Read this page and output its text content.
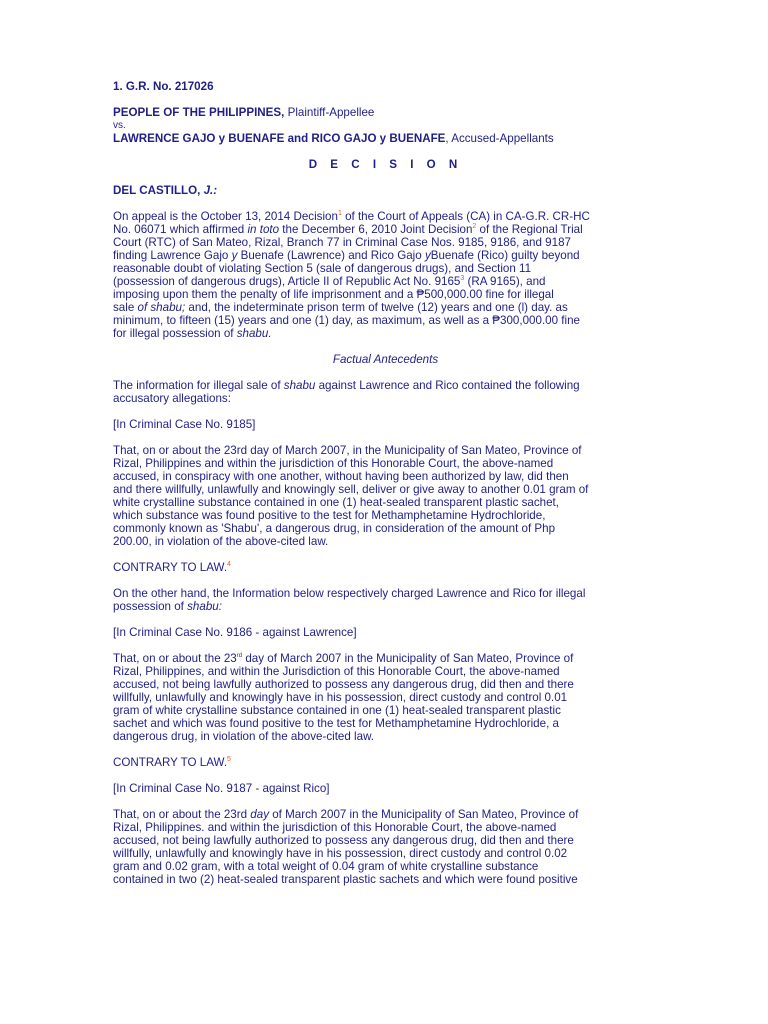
1. G.R. No. 217026

PEOPLE OF THE PHILIPPINES, Plaintiff-Appellee

vs.

LAWRENCE GAJO y BUENAFE and RICO GAJO y BUENAFE, Accused-Appellants

D E C I S I O N

DEL CASTILLO, J.:

On appeal is the October 13, 2014 Decision$^1$ of the Court of Appeals (CA) in CA-G.R. CR-HC
No. 06071 which affirmed in toto the December 6, 2010 Joint Decision$^2$ of the Regional Trial
Court (RTC) of San Mateo, Rizal, Branch 77 in Criminal Case Nos. 9185, 9186, and 9187
finding Lawrence Gajo y Buenafe (Lawrence) and Rico Gajo yBuenafe (Rico) guilty beyond
reasonable doubt of violating Section 5 (sale of dangerous drugs), and Section 11
(possession of dangerous drugs), Article II of Republic Act No. 9165$^3$ (RA 9165), and
imposing upon them the penalty of life imprisonment and a ₱500,000.00 fine for illegal
sale of shabu; and, the indeterminate prison term of twelve (12) years and one (l) day. as
minimum, to fifteen (15) years and one (1) day, as maximum, as well as a ₱300,000.00 fine
for illegal possession of shabu.

Factual Antecedents

The information for illegal sale of shabu against Lawrence and Rico contained the following
accusatory allegations:

[In Criminal Case No. 9185]

That, on or about the 23rd day of March 2007, in the Municipality of San Mateo, Province of
Rizal, Philippines and within the jurisdiction of this Honorable Court, the above-named
accused, in conspiracy with one another, without having been authorized by law, did then
and there willfully, unlawfully and knowingly sell, deliver or give away to another 0.01 gram of
white crystalline substance contained in one (1) heat-sealed transparent plastic sachet,
which substance was found positive to the test for Methamphetamine Hydrochloride,
commonly known as 'Shabu', a dangerous drug, in consideration of the amount of Php
200.00, in violation of the above-cited law.

CONTRARY TO LAW.$^4$

On the other hand, the Information below respectively charged Lawrence and Rico for illegal
possession of shabu:

[In Criminal Case No. 9186 - against Lawrence]

That, on or about the 23rd day of March 2007 in the Municipality of San Mateo, Province of
Rizal, Philippines, and within the Jurisdiction of this Honorable Court, the above-named
accused, not being lawfully authorized to possess any dangerous drug, did then and there
willfully, unlawfully and knowingly have in his possession, direct custody and control 0.01
gram of white crystalline substance contained in one (1) heat-sealed transparent plastic
sachet and which was found positive to the test for Methamphetamine Hydrochloride, a
dangerous drug, in violation of the above-cited law.

CONTRARY TO LAW.$^5$

[In Criminal Case No. 9187 - against Rico]

That, on or about the 23rd day of March 2007 in the Municipality of San Mateo, Province of
Rizal, Philippines. and within the jurisdiction of this Honorable Court, the above-named
accused, not being lawfully authorized to possess any dangerous drug, did then and there
willfully, unlawfully and knowingly have in his possession, direct custody and control 0.02
gram and 0.02 gram, with a total weight of 0.04 gram of white crystalline substance
contained in two (2) heat-sealed transparent plastic sachets and which were found positive
